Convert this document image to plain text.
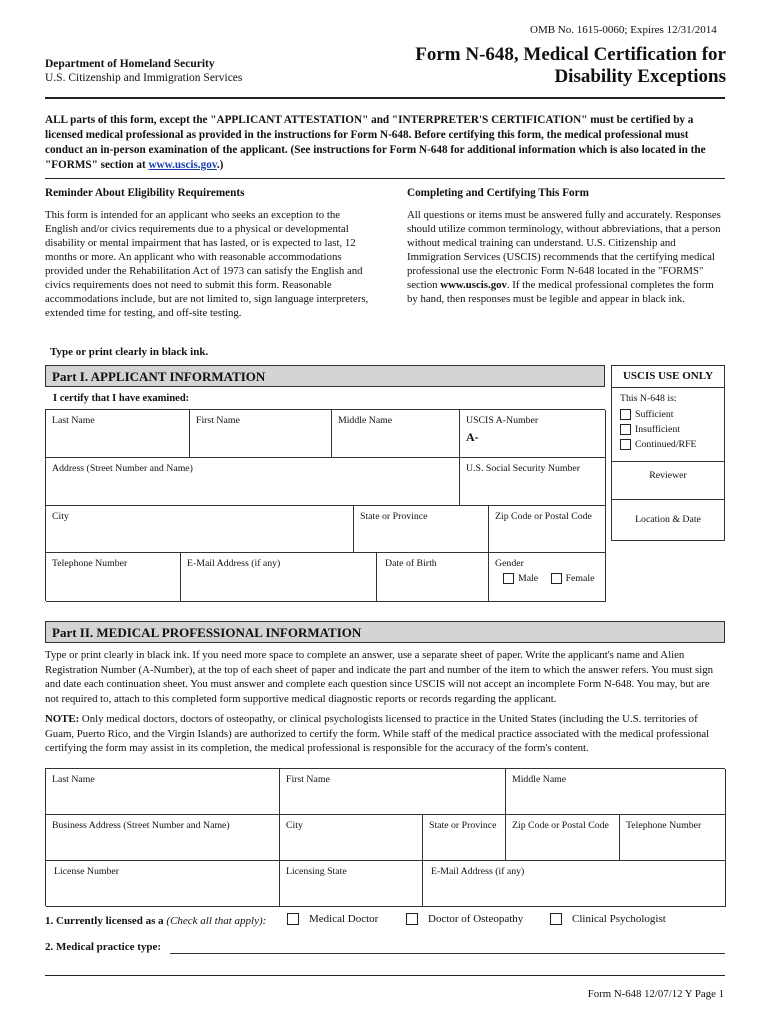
OMB No. 1615-0060; Expires 12/31/2014
Department of Homeland Security
U.S. Citizenship and Immigration Services
Form N-648, Medical Certification for
Disability Exceptions
ALL parts of this form, except the "APPLICANT ATTESTATION" and "INTERPRETER'S CERTIFICATION" must be certified by a licensed medical professional as provided in the instructions for Form N-648. Before certifying this form, the medical professional must conduct an in-person examination of the applicant. (See instructions for Form N-648 for additional information which is also located in the "FORMS" section at www.uscis.gov.)
Reminder About Eligibility Requirements
This form is intended for an applicant who seeks an exception to the English and/or civics requirements due to a physical or developmental disability or mental impairment that has lasted, or is expected to last, 12 months or more. An applicant who with reasonable accommodations provided under the Rehabilitation Act of 1973 can satisfy the English and civics requirements does not need to submit this form. Reasonable accommodations include, but are not limited to, sign language interpreters, extended time for testing, and off-site testing.
Completing and Certifying This Form
All questions or items must be answered fully and accurately. Responses should utilize common terminology, without abbreviations, that a person without medical training can understand. U.S. Citizenship and Immigration Services (USCIS) recommends that the certifying medical professional use the electronic Form N-648 located in the "FORMS" section www.uscis.gov. If the medical professional completes the form by hand, then responses must be legible and appear in black ink.
Type or print clearly in black ink.
Part I. APPLICANT INFORMATION
I certify that I have examined:
Last Name	First Name	Middle Name	USCIS A-Number
A-
Address (Street Number and Name)	U.S. Social Security Number
City	State or Province	Zip Code or Postal Code
Telephone Number	E-Mail Address (if any)	Date of Birth	Gender
Male	Female
USCIS USE ONLY
This N-648 is:
Sufficient
Insufficient
Continued/RFE
Reviewer
Location & Date
Part II. MEDICAL PROFESSIONAL INFORMATION
Type or print clearly in black ink. If you need more space to complete an answer, use a separate sheet of paper. Write the applicant's name and Alien Registration Number (A-Number), at the top of each sheet of paper and indicate the part and number of the item to which the answer refers. You must sign and date each continuation sheet. You must answer and complete each question since USCIS will not accept an incomplete Form N-648. You may, but are not required to, attach to this completed form supportive medical diagnostic reports or records regarding the applicant.
NOTE: Only medical doctors, doctors of osteopathy, or clinical psychologists licensed to practice in the United States (including the U.S. territories of Guam, Puerto Rico, and the Virgin Islands) are authorized to certify the form. While staff of the medical practice associated with the medical professional certifying the form may assist in its completion, the medical professional is responsible for the accuracy of the form's content.
Last Name	First Name	Middle Name
Business Address (Street Number and Name)	City	State or Province	Zip Code or Postal Code	Telephone Number
License Number	Licensing State	E-Mail Address (if any)
1. Currently licensed as a (Check all that apply):	Medical Doctor	Doctor of Osteopathy	Clinical Psychologist
2. Medical practice type:
Form N-648 12/07/12 Y Page 1
